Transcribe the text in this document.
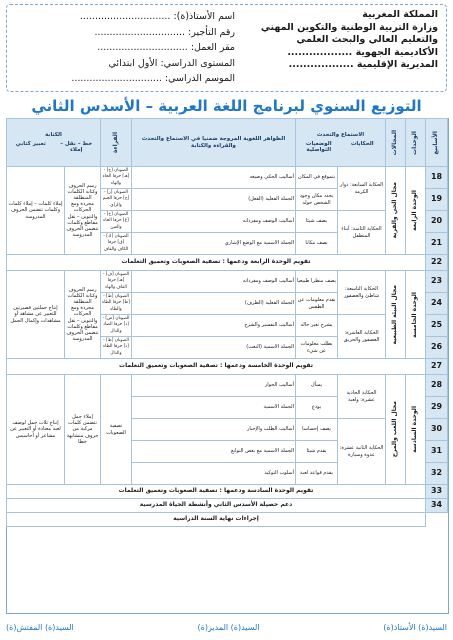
المملكة المغربية
وزارة التربية الوطنية والتكوين المهني
والتعليم العالي والبحث العلمي
الأكاديمية الجهوية ..................
المديرية الإقليمية ..................
اسم الأستاذ(ة): ..............................
رقم التأجير: ..............................
مقر العمل: ..............................
المستوى الدراسي: الأول ابتدائي
الموسم الدراسي: ..............................
التوزيع السنوي لبرنامج اللغة العربية – الأسدس الثاني
الأسابيع
الوحدات
المجالات
الاستماع والتحدث
الحكايات
الوضعيات التواصلية
الظواهر اللغوية المروجة ضمنيا في الاستماع والتحدث والقراءة والكتابة
القراءة
الكتابة
خط – نقل – إملاء
تعبير كتابي
18
19
20
21
22
23
24
25
26
27
28
29
30
31
32
33
34
الوحدة الرابعة
مجال الحي والقرية
الوحدة الخامسة
مجال البيئة الطبيعية
الوحدة السادسة
مجال اللعب والمرح
الحكاية السابعة: دوار الكرمة
الحكاية الثامنة: أبناء المتطفل
يتموقع في المكان
يحدد مكان وجود الشخص حوله
يصف شيئا
يصف مكانا
أساليب الحكي وصيغه
الجملة الفعلية (الفعل)
أساليب الوصف ومفرداته
الجملة الاسمية مع الوضع الإشاري
الصوتان [ح] - [هـ] حرفا الحاء والهاء
الصوتان [ز] - [ج] حرفا الجيم والزاي
الصوتان [خ] - [غ] حرفا الخاء والغين
الصوتان [ك] - [ق] حرفا الكاف والقاف
رسم الحروف وكتابة الكلمات المنطلقة مجردة ومع الحركات والتنوين – نقل مقاطع وكلمات تتضمن الحروف المدروسة
إملاء كلمات – إملاء كلمات وكلمات تتضمن الحروف المدروسة
تقويم الوحدة الرابعة ودعمها : تصفية الصعوبات وتعميق التعلمات
الحكاية التاسعة: شاطئ والعصفور
الحكاية العاشرة: العصفور والحريق
يصف منظرا طبيعيا
يقدم معلومات عن الطقس
يشرح تغير حالة
يطلب معلومات عن شيء
أساليب الوصف ومفرداته
الجملة الفعلية (الظرف)
أساليب التفسير والشرح
الجملة الاسمية (النعت)
الصوتان [ف] - [هـ] حرفا القاف والهاء
الصوتان [ط] - [ظ] حرفا الطاء والظاء
الصوتان [ض] - [د] حرفا الضاد والدال
الصوتان [ظ] - [ذ] حرفا الظاء والذال
رسم الحروف وكتابة الكلمات المنطلقة مجردة ومع الحركات والتنوين – نقل مقاطع وكلمات تتضمن الحروف المدروسة
إنتاج جملتين قصيرتين للتعبير عن مشاهد أو مشاهدات وإكمال الجمل
تقويم الوحدة الخامسة ودعمها : تصفية الصعوبات وتعميق التعلمات
الحكاية الحادية عشرة: ولعبة
الحكاية الثانية عشرة: عدوة وسيارة
يسأل
يودع
يصف إحساسا
يقدم شيئا
يقدم قواعد لعبة
أساليب الحوار
الجملة الاسمية
أساليب الطلب والإخبار
الجملة الاسمية مع بعض التوابع
أسلوب التوكيد
تصفية الصعوبات
إملاء جمل تتضمن كلمات مركبة من حروف متشابهة خطا
إنتاج ثلاث جمل لوصف لعبة معتادة أو التعبير عن مشاعر أو أحاسيس
تقويم الوحدة السادسة ودعمها : تصفية الصعوبات وتعميق التعلمات
دعم حصيلة الأسدس الثاني وأنشطة الحياة المدرسية
إجراءات نهاية السنة الدراسية
السيد(ة) الأستاذ(ة)
السيد(ة) المدير(ة)
السيد(ة) المفتش(ة)
